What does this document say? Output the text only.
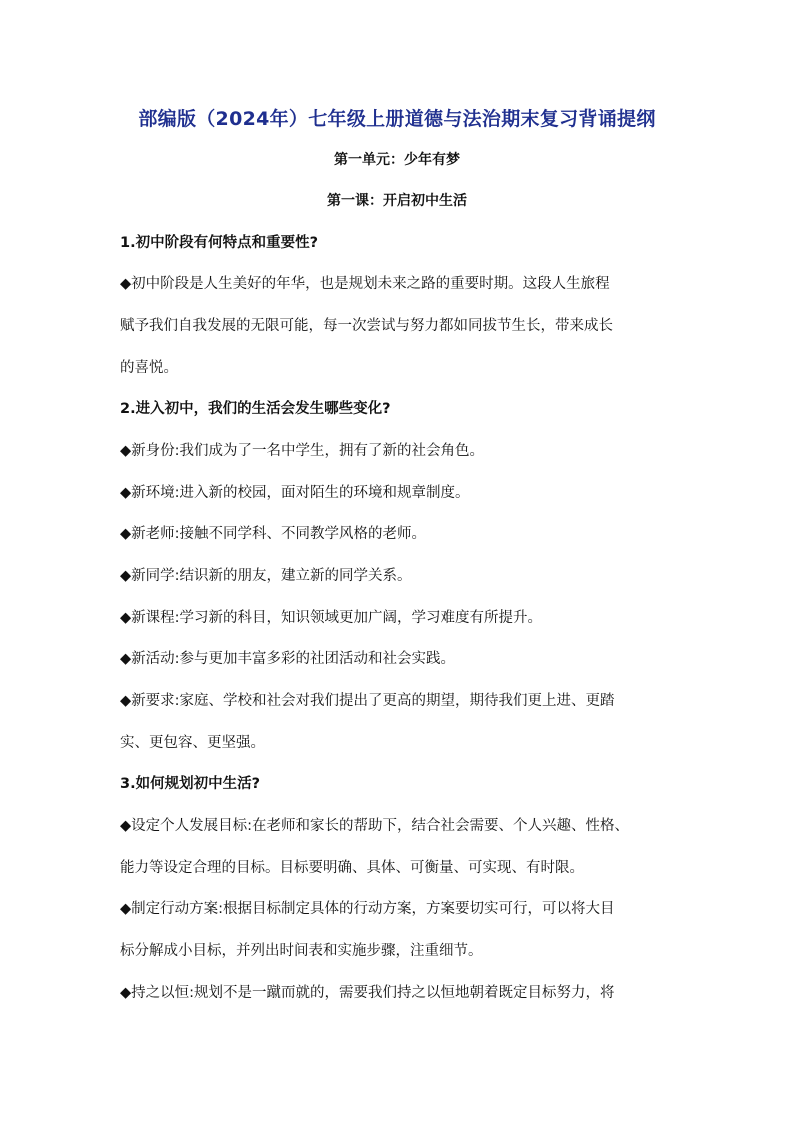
部编版（2024年）七年级上册道德与法治期末复习背诵提纲
第一单元：少年有梦
第一课：开启初中生活
1.初中阶段有何特点和重要性?
◆初中阶段是人生美好的年华，也是规划未来之路的重要时期。这段人生旅程
赋予我们自我发展的无限可能，每一次尝试与努力都如同拔节生长，带来成长
的喜悦。
2.进入初中，我们的生活会发生哪些变化?
◆新身份:我们成为了一名中学生，拥有了新的社会角色。
◆新环境:进入新的校园，面对陌生的环境和规章制度。
◆新老师:接触不同学科、不同教学风格的老师。
◆新同学:结识新的朋友，建立新的同学关系。
◆新课程:学习新的科目，知识领域更加广阔，学习难度有所提升。
◆新活动:参与更加丰富多彩的社团活动和社会实践。
◆新要求:家庭、学校和社会对我们提出了更高的期望，期待我们更上进、更踏
实、更包容、更坚强。
3.如何规划初中生活?
◆设定个人发展目标:在老师和家长的帮助下，结合社会需要、个人兴趣、性格、
能力等设定合理的目标。目标要明确、具体、可衡量、可实现、有时限。
◆制定行动方案:根据目标制定具体的行动方案，方案要切实可行，可以将大目
标分解成小目标，并列出时间表和实施步骤，注重细节。
◆持之以恒:规划不是一蹴而就的，需要我们持之以恒地朝着既定目标努力，将
